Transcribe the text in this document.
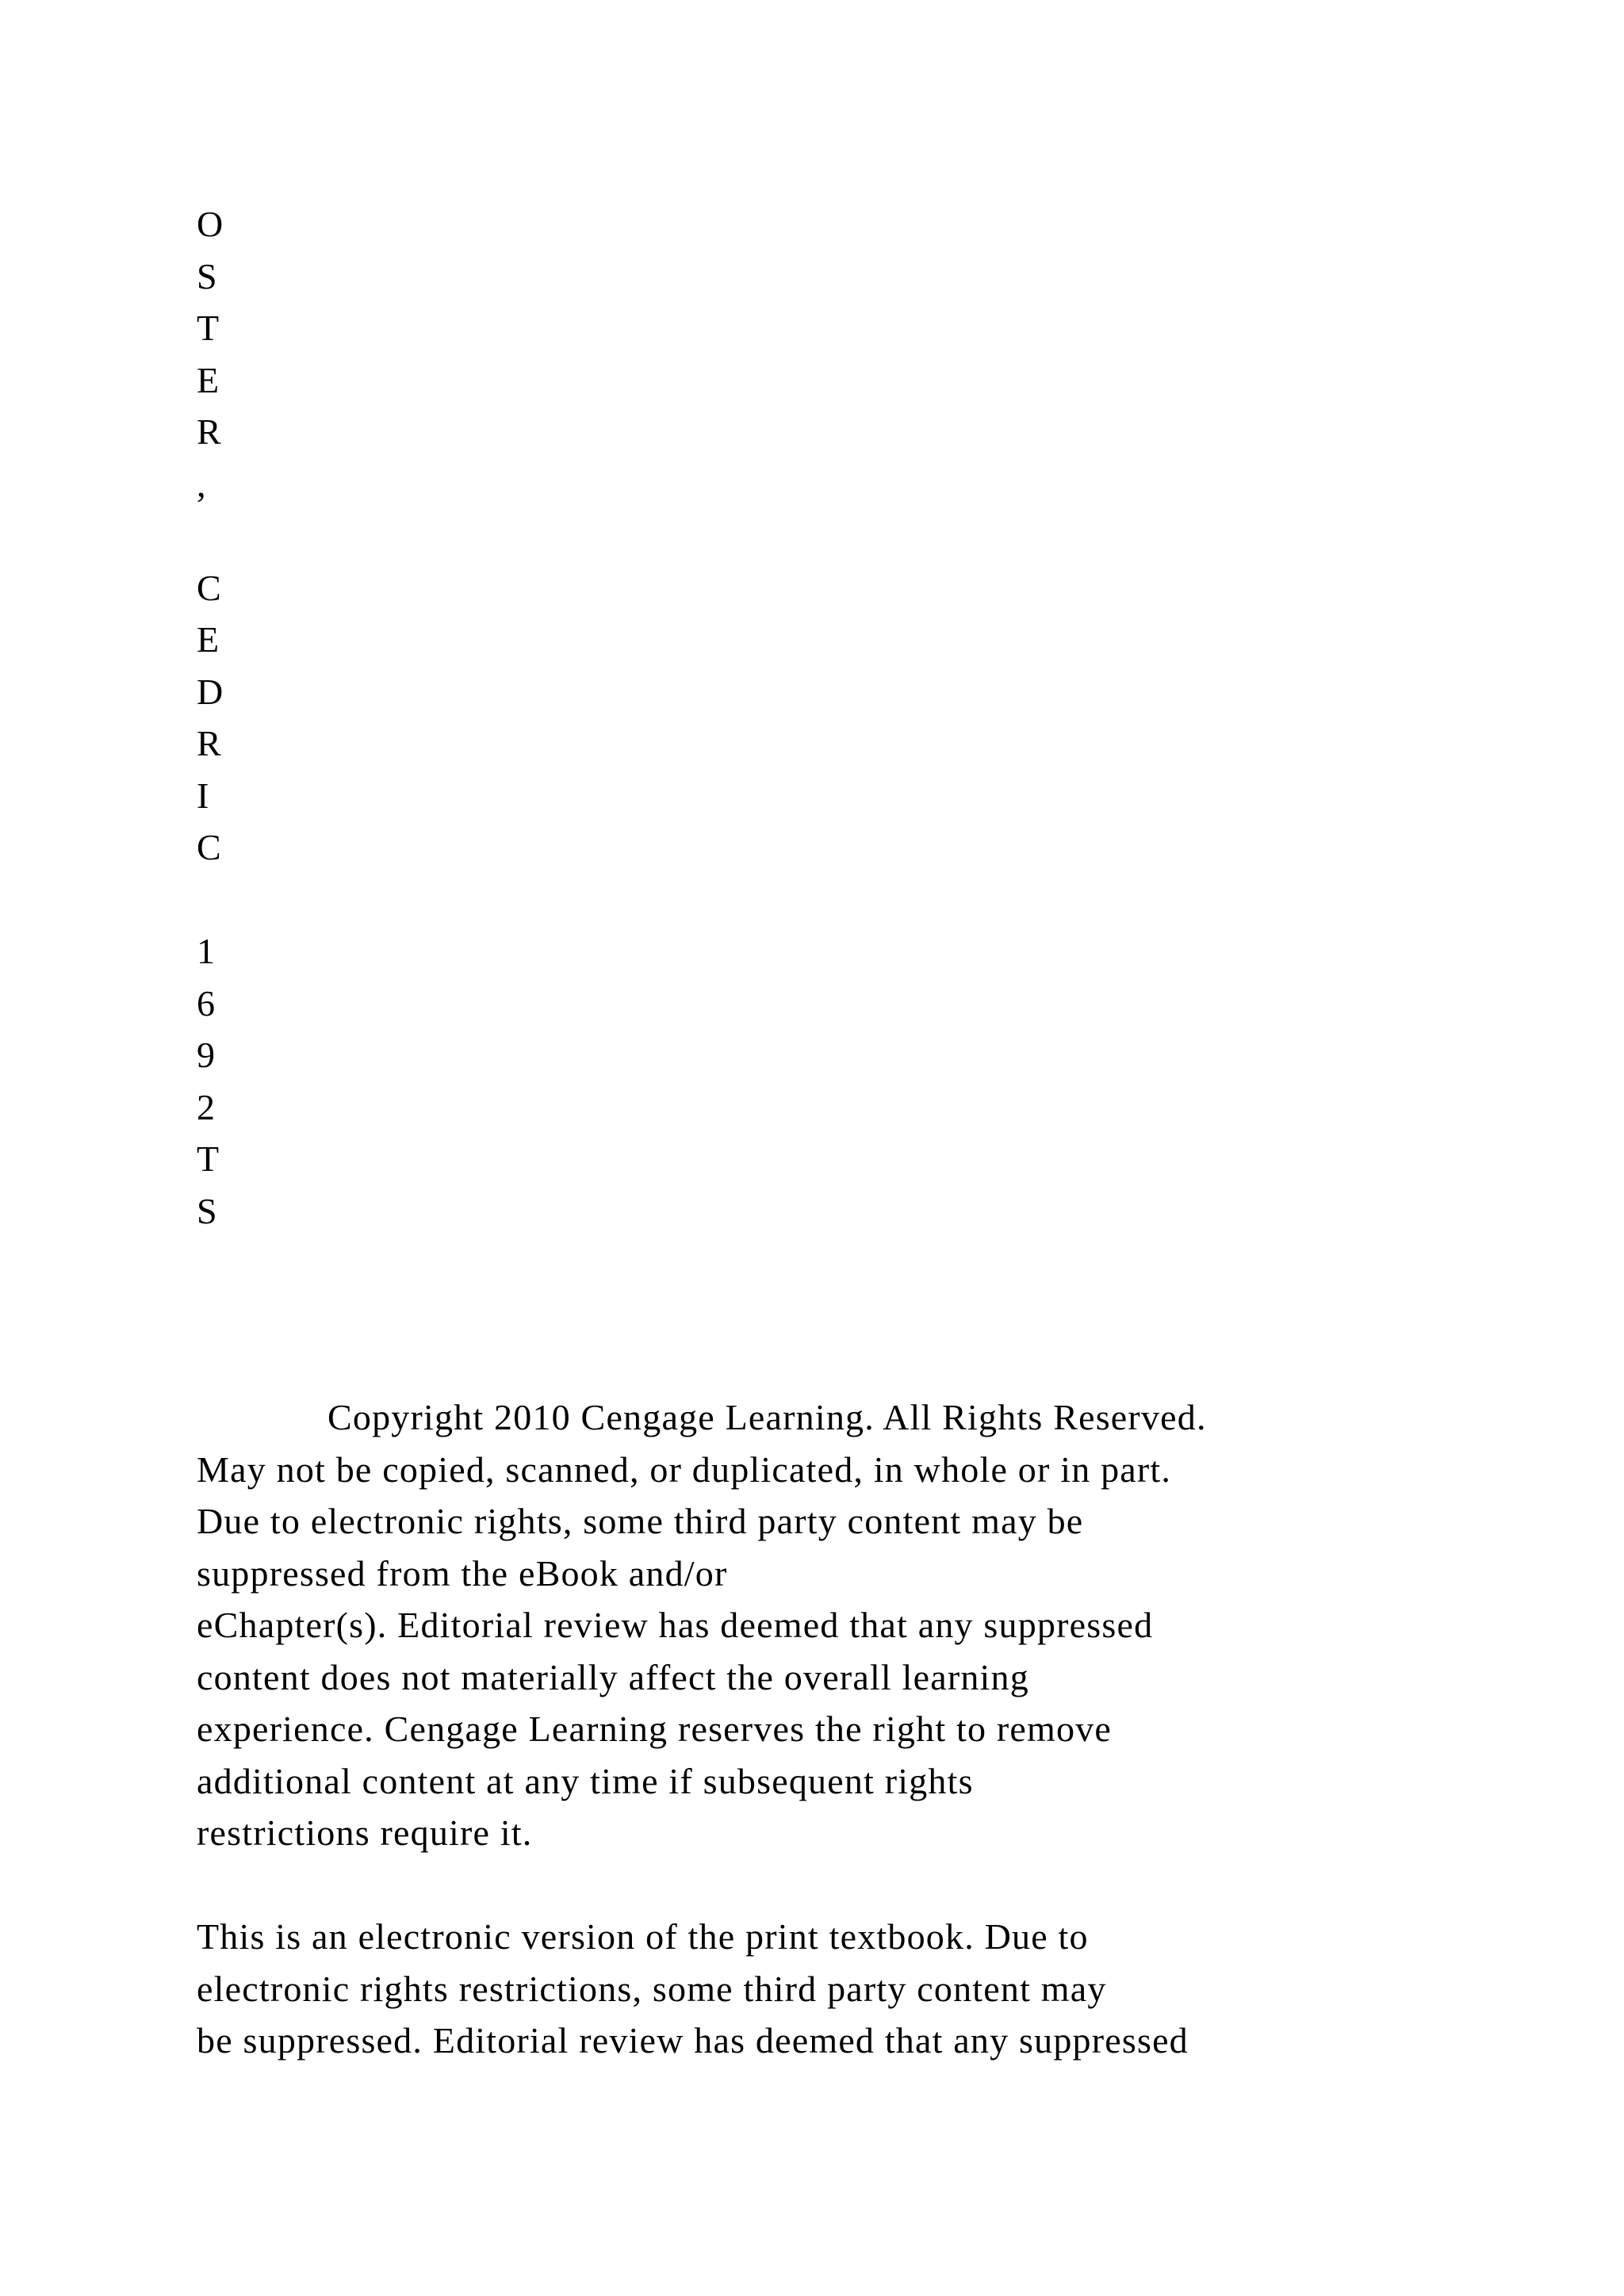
O
S
T
E
R
,
C
E
D
R
I
C
1
6
9
2
T
S
Copyright 2010 Cengage Learning. All Rights Reserved.
May not be copied, scanned, or duplicated, in whole or in part.
Due to electronic rights, some third party content may be
suppressed from the eBook and/or
eChapter(s). Editorial review has deemed that any suppressed
content does not materially affect the overall learning
experience. Cengage Learning reserves the right to remove
additional content at any time if subsequent rights
restrictions require it.
This is an electronic version of the print textbook. Due to
electronic rights restrictions, some third party content may
be suppressed. Editorial review has deemed that any suppressed
